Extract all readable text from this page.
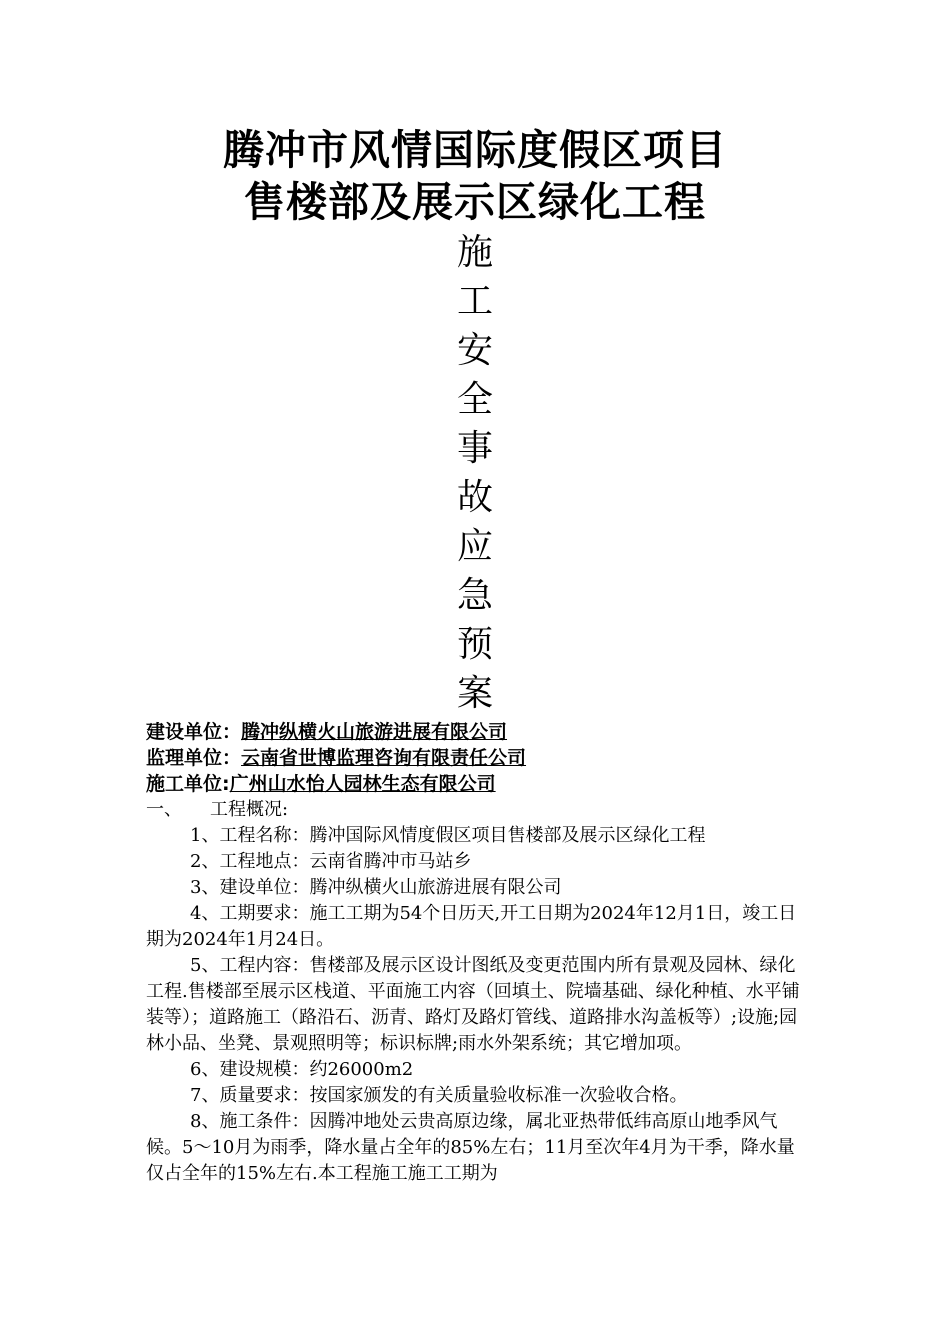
腾冲市风情国际度假区项目
售楼部及展示区绿化工程
施
工
安
全
事
故
应
急
预
案
建设单位：腾冲纵横火山旅游进展有限公司
监理单位：云南省世博监理咨询有限责任公司
施工单位:广州山水怡人园林生态有限公司
一、 工程概况:

1、工程名称：腾冲国际风情度假区项目售楼部及展示区绿化工程

2、工程地点：云南省腾冲市马站乡

3、建设单位：腾冲纵横火山旅游进展有限公司

4、工期要求：施工工期为54个日历天,开工日期为2024年12月1日，竣工日期为2024年1月24日。

5、工程内容：售楼部及展示区设计图纸及变更范围内所有景观及园林、绿化工程.售楼部至展示区栈道、平面施工内容（回填土、院墙基础、绿化种植、水平铺装等）；道路施工（路沿石、沥青、路灯及路灯管线、道路排水沟盖板等）;设施;园林小品、坐凳、景观照明等；标识标牌;雨水外架系统；其它增加项。

6、建设规模：约26000m2

7、质量要求：按国家颁发的有关质量验收标准一次验收合格。

8、施工条件：因腾冲地处云贵高原边缘，属北亚热带低纬高原山地季风气候。5～10月为雨季，降水量占全年的85%左右；11月至次年4月为干季，降水量仅占全年的15%左右.本工程施工施工工期为
